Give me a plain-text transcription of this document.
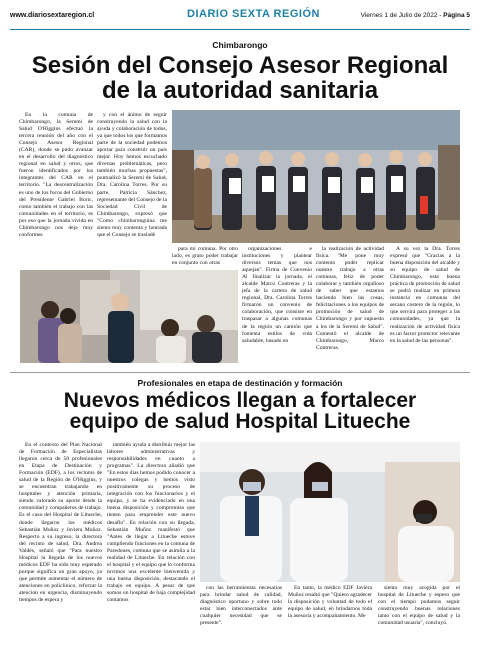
www.diariosextaregion.cl	DIARIO SEXTA REGIÓN	Viernes 1 de Julio de 2022 - Página 5
Chimbarongo
Sesión del Consejo Asesor Regional
de la autoridad sanitaria

En la comuna de Chimbarongo, la Seremi de Salud O'Higgins efectuó la tercera reunión del año con el Consejo Asesor Regional (CAR), donde se pudo avanzar en el desarrollo del diagnóstico regional en salud y otros, que fueron identificados por los integrantes del CAR en el territorio. "La descentralización es uno de los focos del Gobierno del Presidente Gabriel Boric, como también el trabajo con las comunidades en el territorio, es por eso que la jornada vivida en Chimbarongo nos deja muy conformes

y con el ánimo de seguir construyendo la salud con la ayuda y colaboración de todos, ya que todos los que formamos parte de la sociedad podemos aportar para construir un país mejor. Hoy hemos escuchado diversas problemáticas, pero también muchas propuestas", puntualizó la Seremi de Salud, Dra. Carolina Torres. Por su parte, Patricia Sánchez, representante del Consejo de la Sociedad Civil de Chimbarongo, expresó que "Como chimbaronguina me siento muy contenta y honrada que el Consejo se trasladé

para mi comuna. Por otro lado, es grato poder trabajar en conjunto con otras

organizaciones e instituciones y plantear diversos temas que nos aquejan". Firma de Convenio Al finalizar la jornada, el alcalde Marco Contreras y la jefa de la cartera de salud regional, Dra. Carolina Torres firmaron un convenio de colaboración, que consiste en traspasar a algunas comunas de la región un camión que fomenta estilos de vida saludable, basado en

la realización de actividad física. "Me pone muy contento poder replicar nuestro trabajo a otras comunas, feliz de poder colaborar y también orgulloso de saber que estamos haciendo bien las cosas, felicitaciones a los equipos de promoción de salud de Chimbarongo y por supuesto a los de la Seremi de Salud". Comentó el alcalde de Chimbarongo, Marco Contreras.

A su vez la Dra. Torres expresó que "Gracias a la buena disposición del alcalde y su equipo de salud de Chimbarongo, esta buena práctica de promoción de salud se podrá realizar en primera instancia en comunas del secano costero de la región, lo que servirá para proteger a las comunidades, ya que la realización de actividad física es un factor protector relevante en la salud de las personas".

Profesionales en etapa de destinación y formación
Nuevos médicos llegan a fortalecer
equipo de salud Hospital Litueche

En el contexto del Plan Nacional de Formación de Especialistas llegaron cerca de 50 profesionales en Etapa de Destinación y Formación (EDF), a los recintos de salud de la Región de O'Higgins, y se encuentran trabajando en hospitales y atención primaria, siendo valorado su aporte desde la comunidad y compañeros de trabajo. Es el caso del Hospital de Litueche, donde llegaron los médicos Sebastián Muñoz y Javiera Muñoz. Respecto a su ingreso, la directora del recinto de salud, Dra. Andrea Valdés, señaló que "Para nuestro Hospital la llegada de los nuevos médicos EDF ha sido muy esperado porque significa un gran apoyo, ya que permite aumentar el número de atenciones en policlínico, reforzar la atención en urgencia, disminuyendo tiempos de espera y

también ayuda a distribuir mejor las labores administrativas y responsabilidades en cuanto a programas". La directora añadió que "En estos días hemos podido conocer a nuestros colegas y hemos visto positivamente su proceso de integración con los funcionarios y el equipo, y se ha evidenciado en una buena disposición y compromiso que tienen para emprender este nuevo desafío". En relación con su llegada, Sebastián Muñoz manifestó que "Antes de llegar a Litueche estuve cumpliendo funciones en la comuna de Paredones, comuna que se asimila a la realidad de Litueche. En relación con el hospital y el equipo que lo conforma tuvimos una excelente bienvenida y una buena disposición, destacando el trabajo en equipo. A pesar de que somos un hospital de baja complejidad contamos

con las herramientas necesarias para brindar salud de calidad, diagnóstico oportuno y sobre todo estar bien interconectados ante cualquier necesidad que se presente".

En tanto, la médico EDF Javiera Muñoz resaltó que "Quiero agradecer la disposición y voluntad de todo el equipo de salud, en brindarnos toda la asesoría y acompañamiento. Me

siento muy acogida por el hospital de Litueche y espero que con el tiempo podamos seguir construyendo buenas relaciones tanto con el equipo de salud y la comunidad usuaria", concluyó.
